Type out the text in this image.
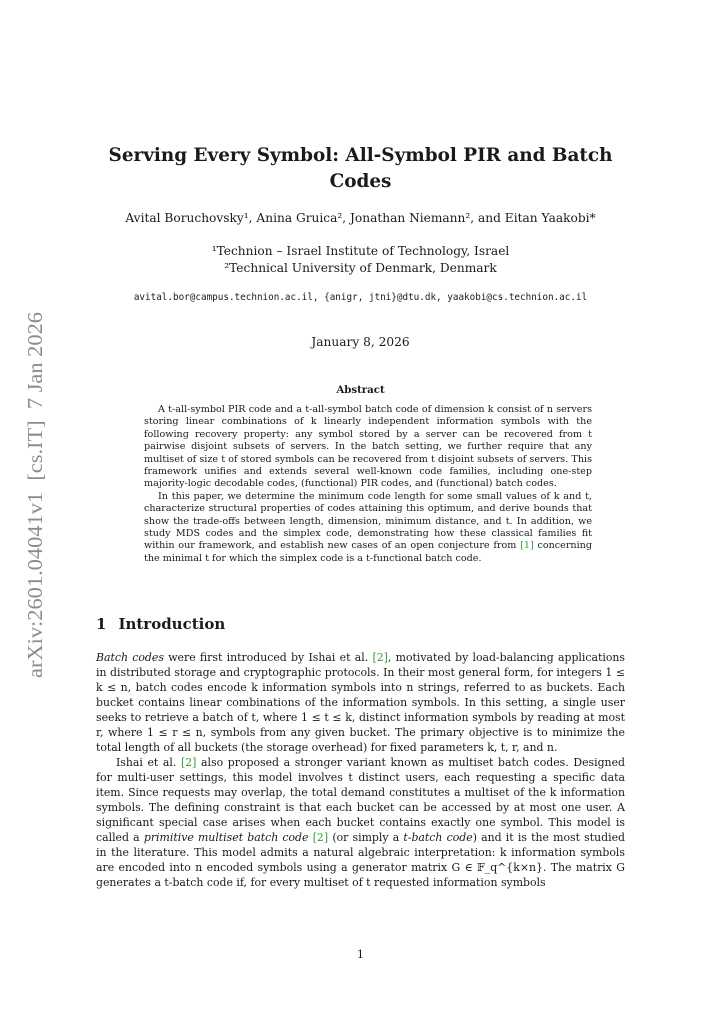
arXiv:2601.04041v1  [cs.IT]  7 Jan 2026
Serving Every Symbol: All-Symbol PIR and Batch Codes
Avital Boruchovsky¹, Anina Gruica², Jonathan Niemann², and Eitan Yaakobi*
¹Technion – Israel Institute of Technology, Israel
²Technical University of Denmark, Denmark
avital.bor@campus.technion.ac.il, {anigr, jtni}@dtu.dk, yaakobi@cs.technion.ac.il
January 8, 2026
Abstract

A t-all-symbol PIR code and a t-all-symbol batch code of dimension k consist of n servers storing linear combinations of k linearly independent information symbols with the following recovery property: any symbol stored by a server can be recovered from t pairwise disjoint subsets of servers. In the batch setting, we further require that any multiset of size t of stored symbols can be recovered from t disjoint subsets of servers. This framework unifies and extends several well-known code families, including one-step majority-logic decodable codes, (functional) PIR codes, and (functional) batch codes.

In this paper, we determine the minimum code length for some small values of k and t, characterize structural properties of codes attaining this optimum, and derive bounds that show the trade-offs between length, dimension, minimum distance, and t. In addition, we study MDS codes and the simplex code, demonstrating how these classical families fit within our framework, and establish new cases of an open conjecture from [1] concerning the minimal t for which the simplex code is a t-functional batch code.

1 Introduction

Batch codes were first introduced by Ishai et al. [2], motivated by load-balancing applications in distributed storage and cryptographic protocols. In their most general form, for integers 1 ≤ k ≤ n, batch codes encode k information symbols into n strings, referred to as buckets. Each bucket contains linear combinations of the information symbols. In this setting, a single user seeks to retrieve a batch of t, where 1 ≤ t ≤ k, distinct information symbols by reading at most r, where 1 ≤ r ≤ n, symbols from any given bucket. The primary objective is to minimize the total length of all buckets (the storage overhead) for fixed parameters k, t, r, and n.

Ishai et al. [2] also proposed a stronger variant known as multiset batch codes. Designed for multi-user settings, this model involves t distinct users, each requesting a specific data item. Since requests may overlap, the total demand constitutes a multiset of the k information symbols. The defining constraint is that each bucket can be accessed by at most one user. A significant special case arises when each bucket contains exactly one symbol. This model is called a primitive multiset batch code [2] (or simply a t-batch code) and it is the most studied in the literature. This model admits a natural algebraic interpretation: k information symbols are encoded into n encoded symbols using a generator matrix G ∈ 𝔽_q^{k×n}. The matrix G generates a t-batch code if, for every multiset of t requested information symbols

1
